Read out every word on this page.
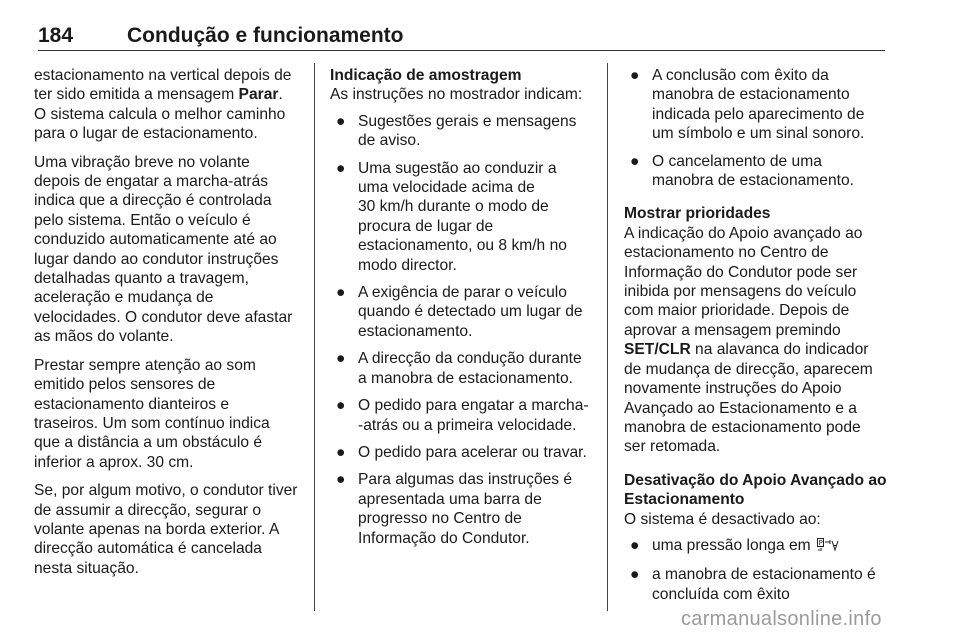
184	Condução e funcionamento

estacionamento na vertical depois de
ter sido emitida a mensagem Parar.
O sistema calcula o melhor caminho
para o lugar de estacionamento.

Uma vibração breve no volante
depois de engatar a marcha-atrás
indica que a direcção é controlada
pelo sistema. Então o veículo é
conduzido automaticamente até ao
lugar dando ao condutor instruções
detalhadas quanto a travagem,
aceleração e mudança de
velocidades. O condutor deve afastar
as mãos do volante.

Prestar sempre atenção ao som
emitido pelos sensores de
estacionamento dianteiros e
traseiros. Um som contínuo indica
que a distância a um obstáculo é
inferior a aprox. 30 cm.

Se, por algum motivo, o condutor tiver
de assumir a direcção, segurar o
volante apenas na borda exterior. A
direcção automática é cancelada
nesta situação.

Indicação de amostragem

As instruções no mostrador indicam:

● Sugestões gerais e mensagens
de aviso.
● Uma sugestão ao conduzir a
uma velocidade acima de
30 km/h durante o modo de
procura de lugar de
estacionamento, ou 8 km/h no
modo director.
● A exigência de parar o veículo
quando é detectado um lugar de
estacionamento.
● A direcção da condução durante
a manobra de estacionamento.
● O pedido para engatar a marcha-
-atrás ou a primeira velocidade.
● O pedido para acelerar ou travar.
● Para algumas das instruções é
apresentada uma barra de
progresso no Centro de
Informação do Condutor.
● A conclusão com êxito da
manobra de estacionamento
indicada pelo aparecimento de
um símbolo e um sinal sonoro.
● O cancelamento de uma
manobra de estacionamento.
Mostrar prioridades

A indicação do Apoio avançado ao
estacionamento no Centro de
Informação do Condutor pode ser
inibida por mensagens do veículo
com maior prioridade. Depois de
aprovar a mensagem premindo
SET/CLR na alavanca do indicador
de mudança de direcção, aparecem
novamente instruções do Apoio
Avançado ao Estacionamento e a
manobra de estacionamento pode
ser retomada.

Desativação do Apoio Avançado ao
Estacionamento

O sistema é desactivado ao:

● uma pressão longa em P
● a manobra de estacionamento é
concluída com êxito
carmanualsonline.info
